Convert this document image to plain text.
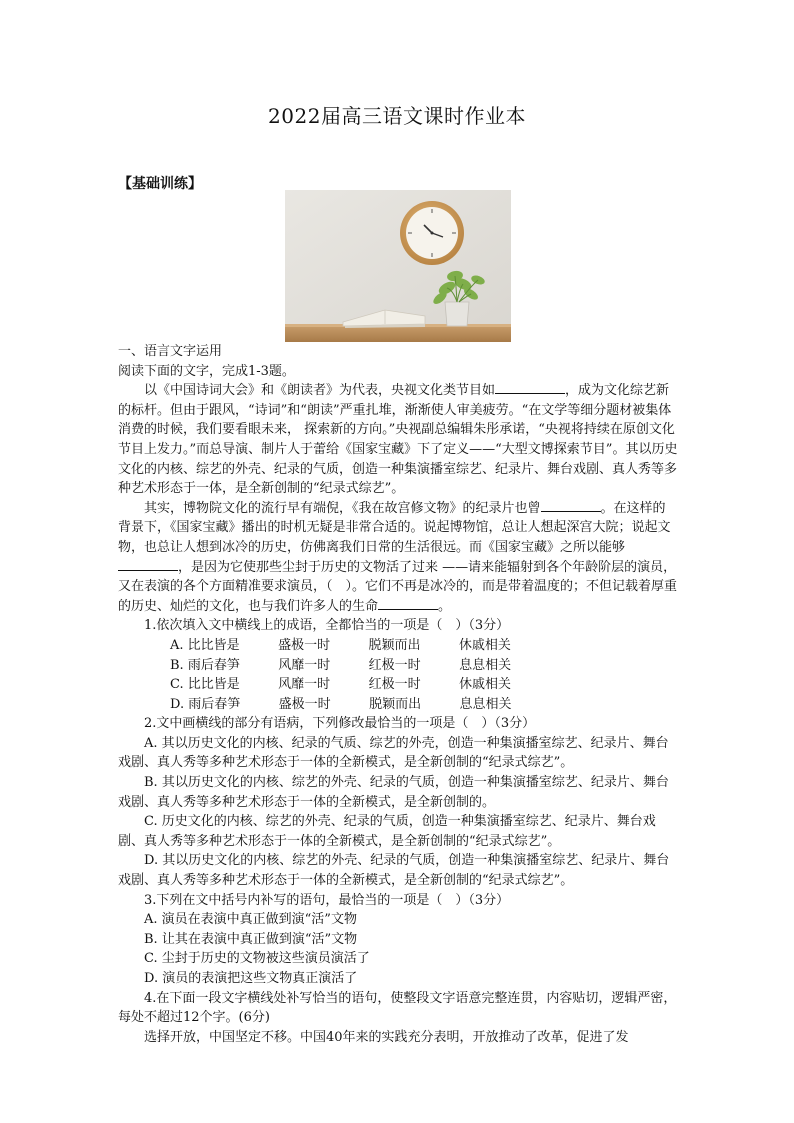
2022届高三语文课时作业本
【基础训练】

一、语言文字运用

阅读下面的文字，完成1-3题。

以《中国诗词大会》和《朗读者》为代表，央视文化类节目如	，成为文化综艺新的标杆。但由于跟风，“诗词”和“朗读”严重扎堆，渐渐使人审美疲劳。“在文学等细分题材被集体消费的时候，我们要看眼未来， 探索新的方向。”央视副总编辑朱彤承诺，“央视将持续在原创文化节目上发力。”而总导演、制片人于蕾给《国家宝藏》下了定义——“大型文博探索节目”。其以历史文化的内核、综艺的外壳、纪录的气质，创造一种集演播室综艺、纪录片、舞台戏剧、真人秀等多种艺术形态于一体，是全新创制的“纪录式综艺”。

其实，博物院文化的流行早有端倪，《我在故宫修文物》的纪录片也曾	。在这样的背景下，《国家宝藏》播出的时机无疑是非常合适的。说起博物馆，总让人想起深宫大院；说起文物，也总让人想到冰冷的历史，仿佛离我们日常的生活很远。而《国家宝藏》之所以能够，是因为它使那些尘封于历史的文物活了过来 ——请来能辐射到各个年龄阶层的演员，又在表演的各个方面精准要求演员，（　）。它们不再是冰冷的，而是带着温度的；不但记载着厚重的历史、灿烂的文化，也与我们许多人的生命	。

1.依次填入文中横线上的成语，全都恰当的一项是（　）（3分）

A. 比比皆是	盛极一时	脱颖而出	休戚相关

B. 雨后春笋	风靡一时	红极一时	息息相关

C. 比比皆是	风靡一时	红极一时	休戚相关

D. 雨后春笋	盛极一时	脱颖而出	息息相关

2.文中画横线的部分有语病，下列修改最恰当的一项是（　）（3分）

A. 其以历史文化的内核、纪录的气质、综艺的外壳，创造一种集演播室综艺、纪录片、舞台戏剧、真人秀等多种艺术形态于一体的全新模式，是全新创制的“纪录式综艺”。

B. 其以历史文化的内核、综艺的外壳、纪录的气质，创造一种集演播室综艺、纪录片、舞台戏剧、真人秀等多种艺术形态于一体的全新模式，是全新创制的。

C. 历史文化的内核、综艺的外壳、纪录的气质，创造一种集演播室综艺、纪录片、舞台戏剧、真人秀等多种艺术形态于一体的全新模式，是全新创制的“纪录式综艺”。

D. 其以历史文化的内核、综艺的外壳、纪录的气质，创造一种集演播室综艺、纪录片、舞台戏剧、真人秀等多种艺术形态于一体的全新模式，是全新创制的“纪录式综艺”。

3.下列在文中括号内补写的语句，最恰当的一项是（　）（3分）

A. 演员在表演中真正做到演“活”文物

B. 让其在表演中真正做到演“活”文物

C. 尘封于历史的文物被这些演员演活了

D. 演员的表演把这些文物真正演活了

4.在下面一段文字横线处补写恰当的语句，使整段文字语意完整连贯，内容贴切，逻辑严密，每处不超过12个字。(6分)

选择开放，中国坚定不移。中国40年来的实践充分表明，开放推动了改革，促进了发
